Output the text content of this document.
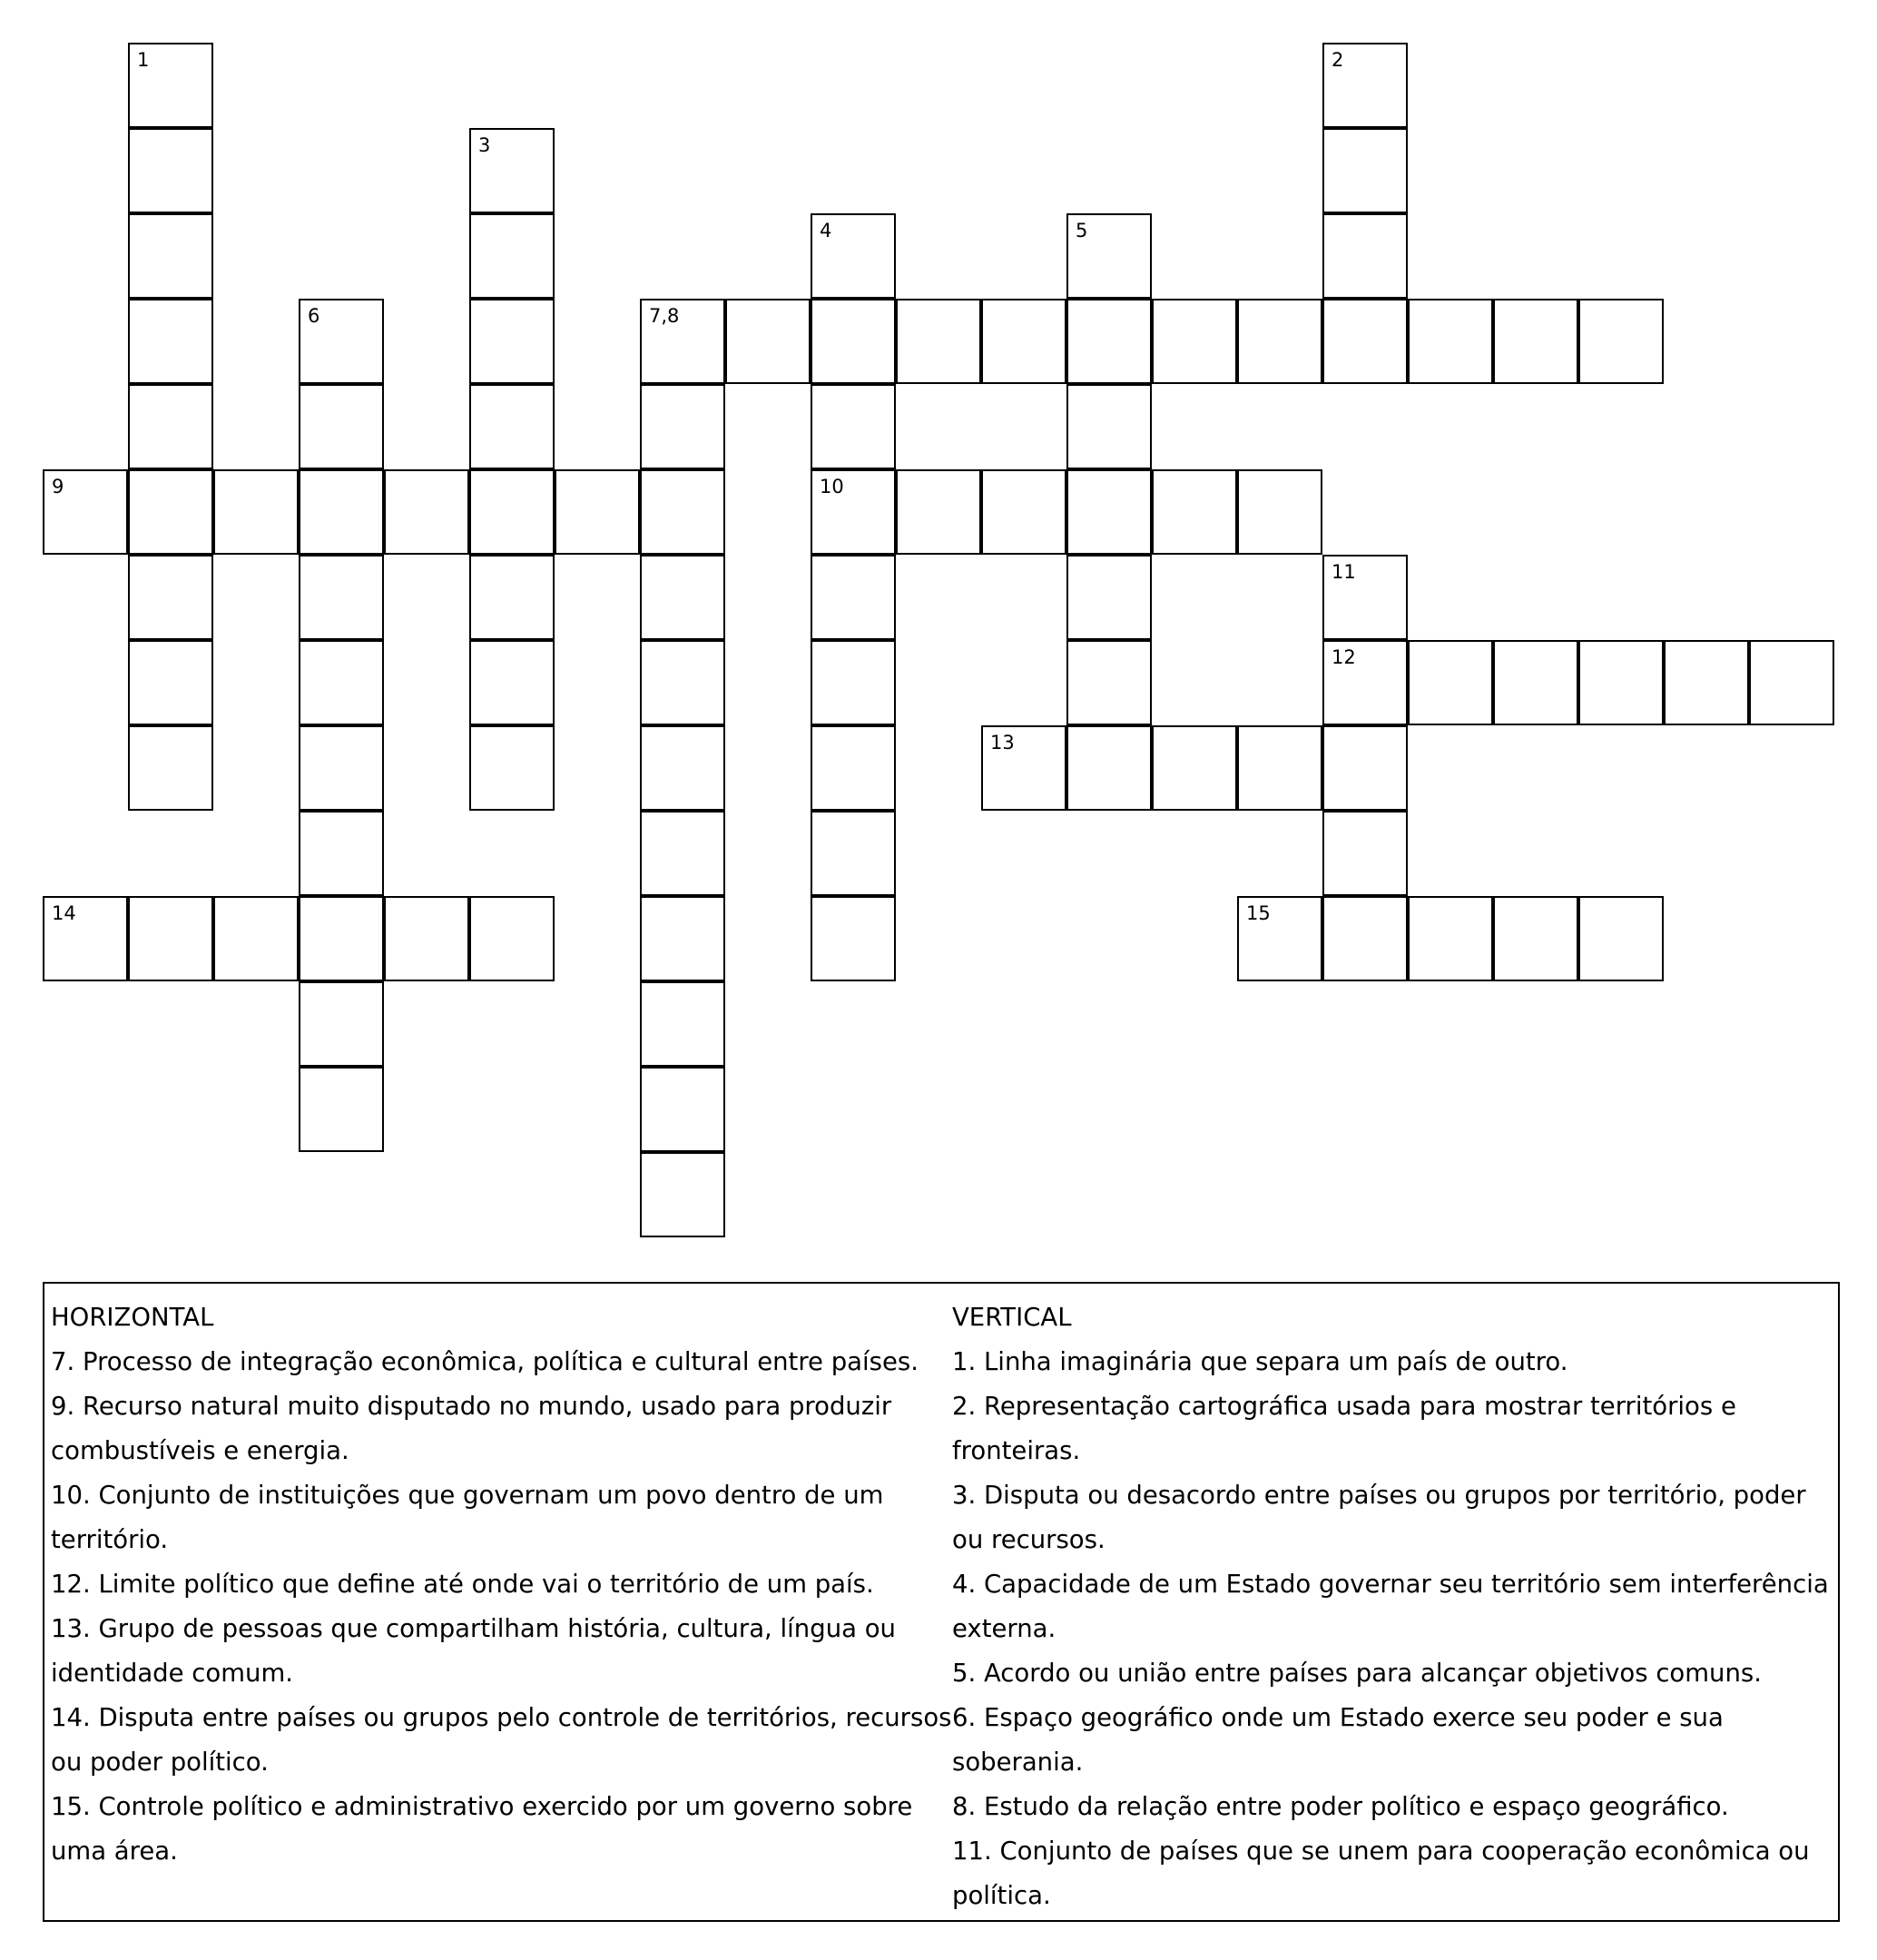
1	2
3
4
10
5
6	7,8
9
11
12
13
14	15

HORIZONTAL

7. Processo de integração econômica, política e cultural entre países.

9. Recurso natural muito disputado no mundo, usado para produzir combustíveis e energia.

10. Conjunto de instituições que governam um povo dentro de um território.

12. Limite político que define até onde vai o território de um país.

13. Grupo de pessoas que compartilham história, cultura, língua ou identidade comum.

14. Disputa entre países ou grupos pelo controle de territórios, recursos ou poder político.

15. Controle político e administrativo exercido por um governo sobre uma área.

VERTICAL

1. Linha imaginária que separa um país de outro.

2. Representação cartográfica usada para mostrar territórios e fronteiras.

3. Disputa ou desacordo entre países ou grupos por território, poder ou recursos.

4. Capacidade de um Estado governar seu território sem interferência externa.

5. Acordo ou união entre países para alcançar objetivos comuns.

6. Espaço geográfico onde um Estado exerce seu poder e sua soberania.

8. Estudo da relação entre poder político e espaço geográfico.

11. Conjunto de países que se unem para cooperação econômica ou política.
